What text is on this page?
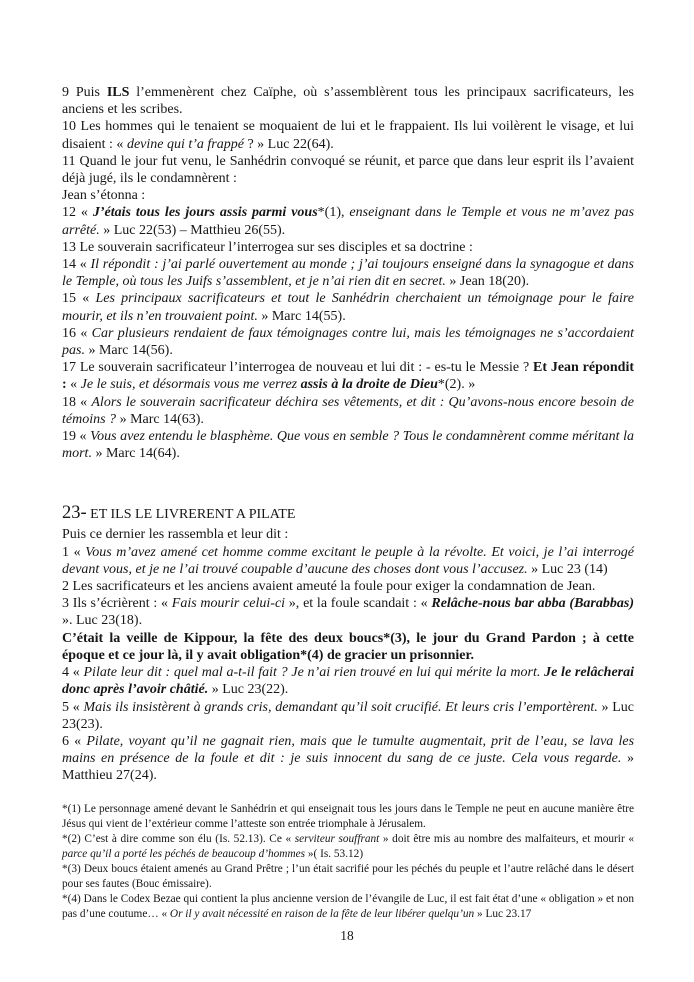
9 Puis ILS l’emmenèrent chez Caïphe, où s’assemblèrent tous les principaux sacrificateurs, les anciens et les scribes.

10 Les hommes qui le tenaient se moquaient de lui et le frappaient. Ils lui voilèrent le visage, et lui disaient : « devine qui t’a frappé ? » Luc 22(64).

11 Quand le jour fut venu, le Sanhédrin convoqué se réunit, et parce que dans leur esprit ils l’avaient déjà jugé, ils le condamnèrent :

Jean s’étonna :

12 « J’étais tous les jours assis parmi vous*(1), enseignant dans le Temple et vous ne m’avez pas arrêté. » Luc 22(53) – Matthieu 26(55).

13 Le souverain sacrificateur l’interrogea sur ses disciples et sa doctrine :

14 « Il répondit : j’ai parlé ouvertement au monde ; j’ai toujours enseigné dans la synagogue et dans le Temple, où tous les Juifs s’assemblent, et je n’ai rien dit en secret. » Jean 18(20).

15 « Les principaux sacrificateurs et tout le Sanhédrin cherchaient un témoignage pour le faire mourir, et ils n’en trouvaient point. » Marc 14(55).

16 « Car plusieurs rendaient de faux témoignages contre lui, mais les témoignages ne s’accordaient pas. » Marc 14(56).

17 Le souverain sacrificateur l’interrogea de nouveau et lui dit : - es-tu le Messie ? Et Jean répondit : « Je le suis, et désormais vous me verrez assis à la droite de Dieu*(2). »

18 « Alors le souverain sacrificateur déchira ses vêtements, et dit : Qu’avons-nous encore besoin de témoins ? » Marc 14(63).

19 « Vous avez entendu le blasphème. Que vous en semble ? Tous le condamnèrent comme méritant la mort. » Marc 14(64).

23- ET ILS LE LIVRERENT A PILATE

Puis ce dernier les rassembla et leur dit :

1 « Vous m’avez amené cet homme comme excitant le peuple à la révolte. Et voici, je l’ai interrogé devant vous, et je ne l’ai trouvé coupable d’aucune des choses dont vous l’accusez. » Luc 23 (14)

2 Les sacrificateurs et les anciens avaient ameuté la foule pour exiger la condamnation de Jean.

3 Ils s’écrièrent : « Fais mourir celui-ci », et la foule scandait : « Relâche-nous bar abba (Barabbas) ». Luc 23(18).

C’était la veille de Kippour, la fête des deux boucs*(3), le jour du Grand Pardon ; à cette époque et ce jour là, il y avait obligation*(4) de gracier un prisonnier.

4 « Pilate leur dit : quel mal a-t-il fait ? Je n’ai rien trouvé en lui qui mérite la mort. Je le relâcherai donc après l’avoir châtié. » Luc 23(22).

5 « Mais ils insistèrent à grands cris, demandant qu’il soit crucifié. Et leurs cris l’emportèrent. » Luc 23(23).

6 « Pilate, voyant qu’il ne gagnait rien, mais que le tumulte augmentait, prit de l’eau, se lava les mains en présence de la foule et dit : je suis innocent du sang de ce juste. Cela vous regarde. » Matthieu 27(24).

*(1) Le personnage amené devant le Sanhédrin et qui enseignait tous les jours dans le Temple ne peut en aucune manière être Jésus qui vient de l’extérieur comme l’atteste son entrée triomphale à Jérusalem.

*(2) C’est à dire comme son élu (Is. 52.13). Ce « serviteur souffrant » doit être mis au nombre des malfaiteurs, et mourir « parce qu’il a porté les péchés de beaucoup d’hommes »( Is. 53.12)

*(3) Deux boucs étaient amenés au Grand Prêtre ; l’un était sacrifié pour les péchés du peuple et l’autre relâché dans le désert pour ses fautes (Bouc émissaire).

*(4) Dans le Codex Bezae qui contient la plus ancienne version de l’évangile de Luc, il est fait état d’une « obligation » et non pas d’une coutume… « Or il y avait nécessité en raison de la fête de leur libérer quelqu’un » Luc 23.17

18
